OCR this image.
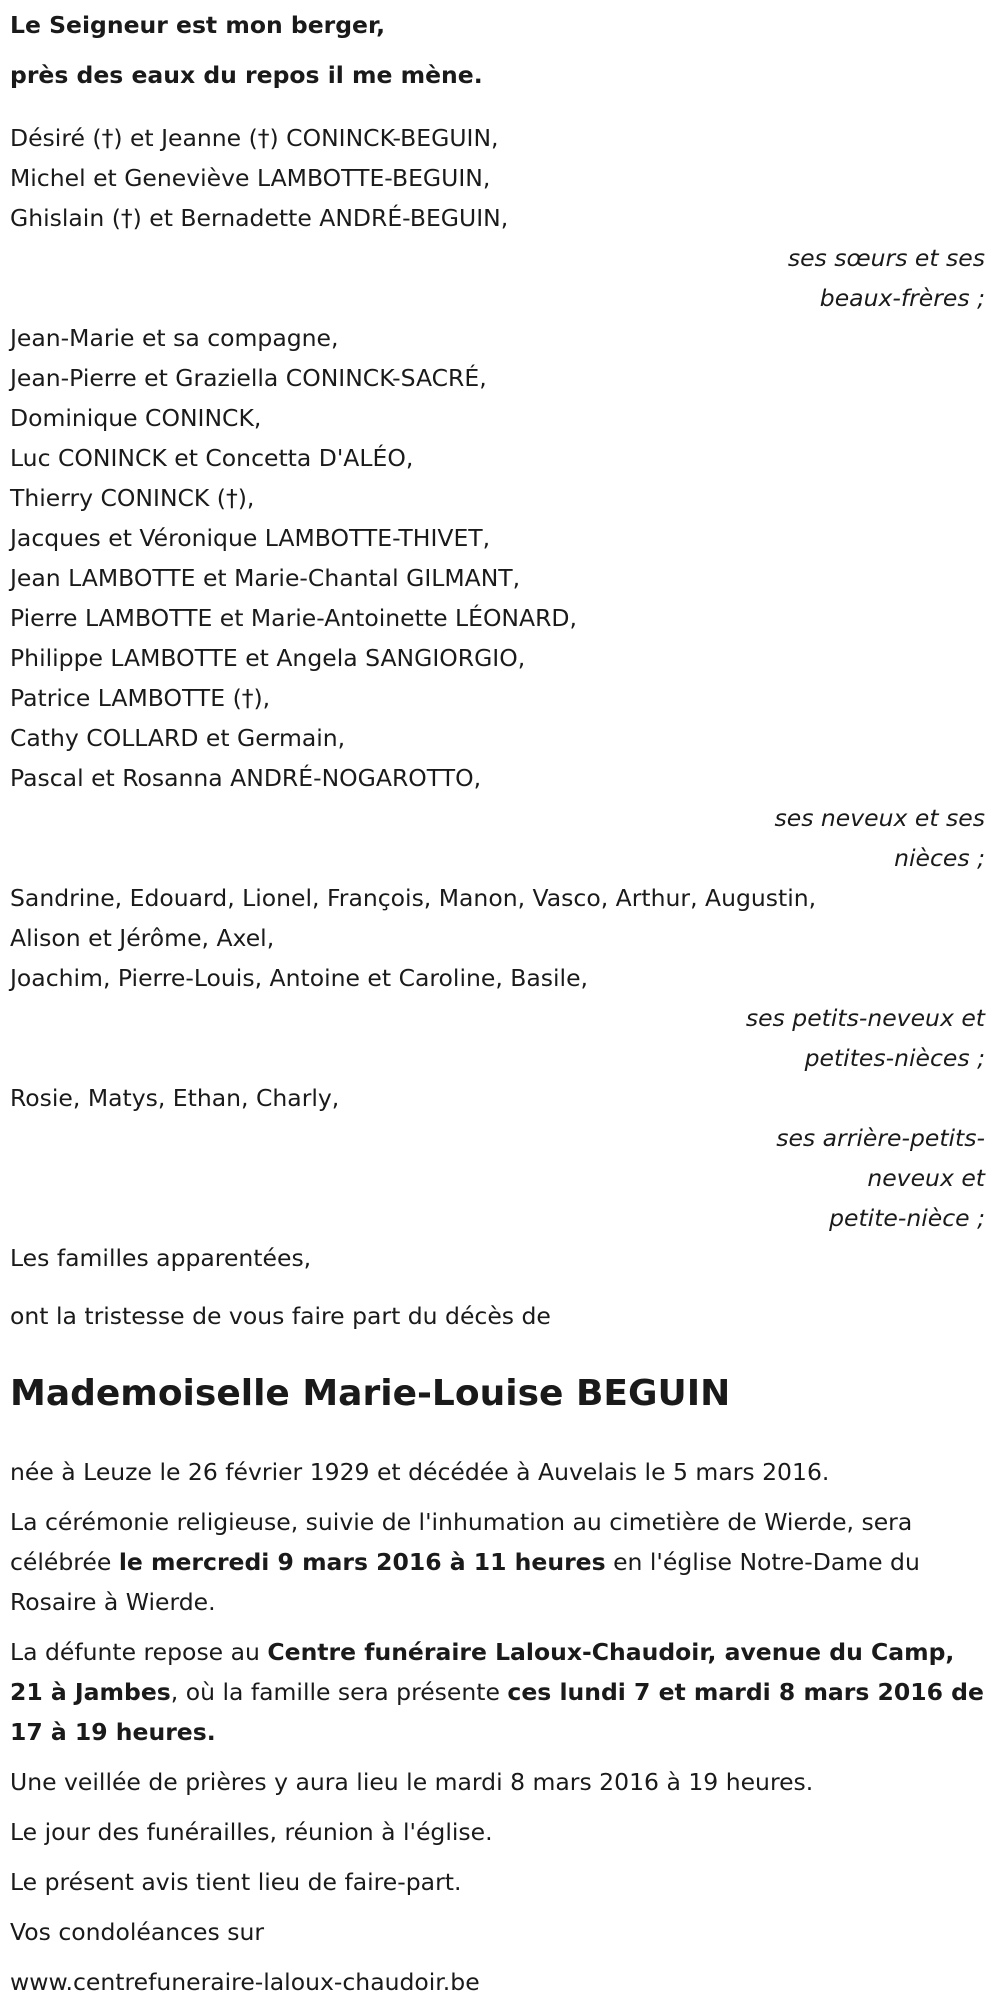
Le Seigneur est mon berger,

près des eaux du repos il me mène.

Désiré (†) et Jeanne (†) CONINCK-BEGUIN,

Michel et Geneviève LAMBOTTE-BEGUIN,

Ghislain (†) et Bernadette ANDRÉ-BEGUIN,

ses sœurs et ses

beaux-frères ;

Jean-Marie et sa compagne,

Jean-Pierre et Graziella CONINCK-SACRÉ,

Dominique CONINCK,

Luc CONINCK et Concetta D'ALÉO,

Thierry CONINCK (†),

Jacques et Véronique LAMBOTTE-THIVET,

Jean LAMBOTTE et Marie-Chantal GILMANT,

Pierre LAMBOTTE et Marie-Antoinette LÉONARD,

Philippe LAMBOTTE et Angela SANGIORGIO,

Patrice LAMBOTTE (†),

Cathy COLLARD et Germain,

Pascal et Rosanna ANDRÉ-NOGAROTTO,

ses neveux et ses

nièces ;

Sandrine, Edouard, Lionel, François, Manon, Vasco, Arthur, Augustin,

Alison et Jérôme, Axel,

Joachim, Pierre-Louis, Antoine et Caroline, Basile,

ses petits-neveux et

petites-nièces ;

Rosie, Matys, Ethan, Charly,

ses arrière-petits-

neveux et

petite-nièce ;

Les familles apparentées,

ont la tristesse de vous faire part du décès de

Mademoiselle Marie-Louise BEGUIN

née à Leuze le 26 février 1929 et décédée à Auvelais le 5 mars 2016.

La cérémonie religieuse, suivie de l'inhumation au cimetière de Wierde, sera célébrée le mercredi 9 mars 2016 à 11 heures en l'église Notre-Dame du Rosaire à Wierde.

La défunte repose au Centre funéraire Laloux-Chaudoir, avenue du Camp, 21 à Jambes, où la famille sera présente ces lundi 7 et mardi 8 mars 2016 de 17 à 19 heures.

Une veillée de prières y aura lieu le mardi 8 mars 2016 à 19 heures.

Le jour des funérailles, réunion à l'église.

Le présent avis tient lieu de faire-part.

Vos condoléances sur

www.centrefuneraire-laloux-chaudoir.be
